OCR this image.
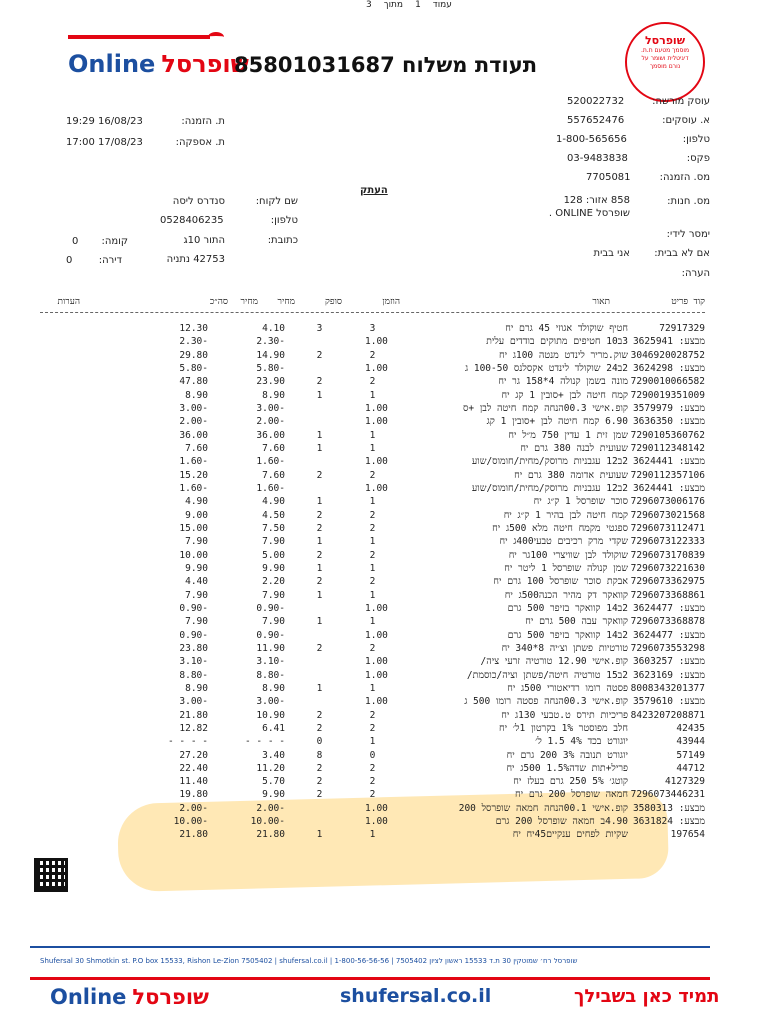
עמוד1מתוך3
Online שופרסל
תעודת משלוח 85801031687
שופרסל
מוסמך מטעם ת.ת. דיגיטלית ושומר על נורם מוסמך
עוסק מורשה:
520022732
א. עוסקים:
557652476
טלפון:
1-800-565656
פקס:
03-9483838
מס. הזמנה:
7705081
מס. חנות:
858 אזור: 128
שופרסל ONLINE .
ימסר לידי:
אם לא בבית:
אני בבית
הערה:
19:29 16/08/23	ת. הזמנה:
17:00 17/08/23	ת. אספקה:
העתק
סנדרס ליסה	שם לקוח:
0528406235	טלפון:
התור 10ג	כתובת:
42753 נתניה
0	קומה:
0	דירה:
הערות	סה״כ	מחיר	מחיר	סופק	הוזמן	תאור	קוד פריט
12.30	4.10	3	3	חטיף שוקולד אגוזי 45 גרם יח	72917329
2.30-	2.30-	1.00	3ב10 חטיפים מתוקים בודדים עלית מבצע: 3625941
29.80	14.90	2	2	שוק.מריר לינדט מנטה 100ג יח 3046920028752
5.80-	5.80-	1.00	2ב24 שוקולד לינדט אקסלנס 100-50 ג מבצע: 3624298
47.80	23.90	2	2	מונה בשמן קנולה 4*158 גר יח 7290010066582
8.90	8.90	1	1	קמח חיטה לבן +סובין 1 קג יח 7290019351009
3.00-	3.00-	1.00	קופ.אישי 00.3הנחה קמח חיטה לבן +ס מבצע: 3579979
2.00-	2.00-	1.00	6.90 קמח חיטה לבן +סובין 1 קג מבצע: 3636350
36.00	36.00	1	1	שמן זית 1 עדין 750 מ״ל יח 7290105360762
7.60	7.60	1	1	שעועית לבנה 380 גרם יח 7290112348142
1.60-	1.60-	1.00	2ב12 עגבניות מרוסק/מחית/חומוס/שוע מבצע: 3624441
15.20	7.60	2	2	שעועית אדומה 380 גרם יח 7290112357106
1.60-	1.60-	1.00	2ב12 עגבניות מרוסק/מחית/חומוס/שוע מבצע: 3624441
4.90	4.90	1	1	סוכר שופרסל 1 ק״ג יח 7296073006176
9.00	4.50	2	2	קמח חיטה לבן בהיר 1 ק״ג יח 7296073021568
15.00	7.50	2	2	ספגטי מקמח חיטה מלא 500ג יח 7296073112471
7.90	7.90	1	1	שקדי מרק רכיבים טבעי400ג יח 7296073122333
10.00	5.00	2	2	שוקולד לבן שוויצרי 100גר יח 7296073170839
9.90	9.90	1	1	שמן קנולה שופרסל 1 ליטר יח 7296073221630
4.40	2.20	2	2	אבקת סוכר שופרסל 100 גרם יח 7296073362975
7.90	7.90	1	1	קוואקר דק מהיר הכנה500ג יח 7296073368861
0.90-	0.90-	1.00	2ב14 קוואקר בזיפר 500 גרם מבצע: 3624477
7.90	7.90	1	1	קוואקר עבה 500 גרם יח 7296073368878
0.90-	0.90-	1.00	2ב14 קוואקר בזיפר 500 גרם מבצע: 3624477
23.80	11.90	2	2	טורטיות פשתן וצ׳יה 8*340 יח 7296073553298
3.10-	3.10-	1.00	קופ.אישי 12.90 טורטיה זרעי ציה/ מבצע: 3603257
8.80-	8.80-	1.00	2ב15 טורטיה חיטה/פשתן וציה/כוסמת/ מבצע: 3623169
8.90	8.90	1	1	פסטה רומו רדיאטורי 500ג יח 8008343201377
3.00-	3.00-	1.00	קופ.אישי 00.3הנחה פסטה רומו 500 ג מבצע: 3579610
21.80	10.90	2	2	פריכיות תירס ט.טבעי 130ג יח 8423207208871
12.82	6.41	2	2	חלב מפוסטר 1% בקרטון 1ל׳ יח	42435
- - - -	- - - -	0	1	יוגורט בכד 4% 1.5 ל׳	43944
27.20	3.40	8	0	יוגורט תנובה 3% 200 גרם יח	57149
22.40	11.20	2	2	פריל+תות שדה1.5% 500ג יח	44712
11.40	5.70	2	2	קוטג׳ 5% 250 גרם בעלז יח	4127329
19.80	9.90	2	2	חמאה שופרסל 200 גרם יח 7296073446231
2.00-	2.00-	1.00	קופ.אישי 00.1הנחה חמאה שופרסל 200 מבצע: 3580313
10.00-	10.00-	1.00	4.90ב חמאה שופרסל 200 גרם מבצע: 3631824
21.80	21.80	1	1	שקיות לפחים ענקיים45יח יח	197654
Shufersal 30 Shmotkin st. P.O box 15533, Rishon Le-Zion 7505402 | shufersal.co.il | 1-800-56-56-56 | 7505402 שופרסל רח׳ שמוטקין 30 ת.ד 15533 ראשון לציון
Online שופרסל	shufersal.co.il	תמיד כאן בשבילך
